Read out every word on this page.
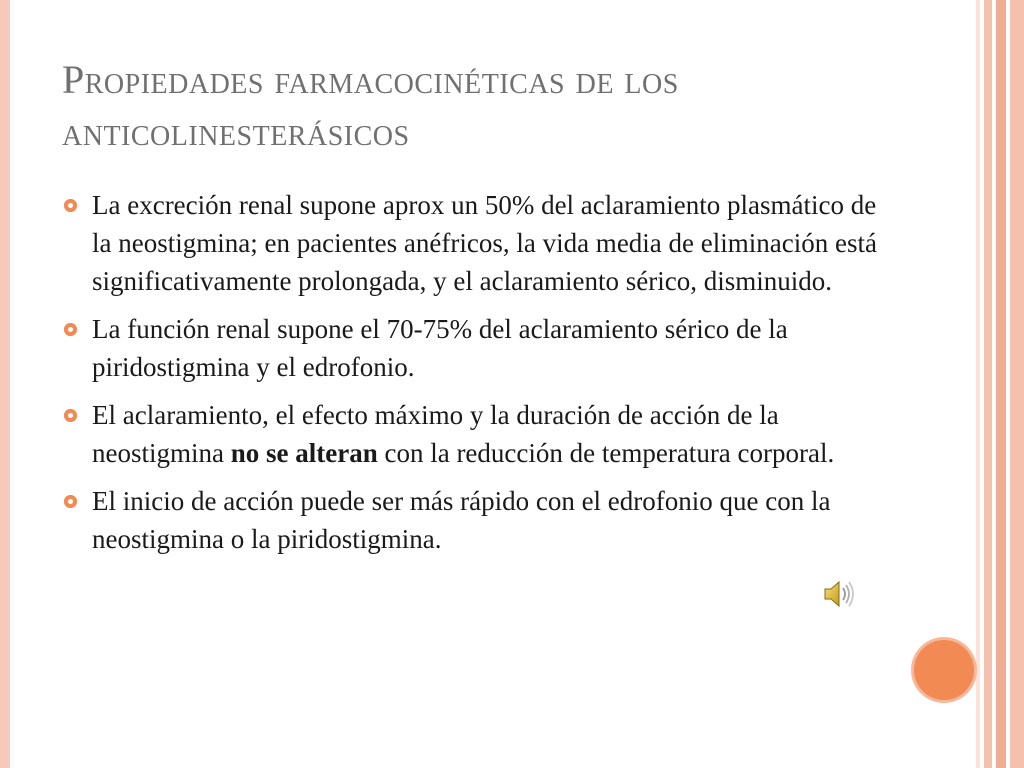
Propiedades farmacocinéticas de los
anticolinesterásicos
La excreción renal supone aprox un 50% del aclaramiento plasmático de la neostigmina; en pacientes anéfricos, la vida media de eliminación está significativamente prolongada, y el aclaramiento sérico, disminuido.
La función renal supone el 70-75% del aclaramiento sérico de la piridostigmina y el edrofonio.
El aclaramiento, el efecto máximo y la duración de acción de la neostigmina no se alteran con la reducción de temperatura corporal.
El inicio de acción puede ser más rápido con el edrofonio que con la neostigmina o la piridostigmina.
